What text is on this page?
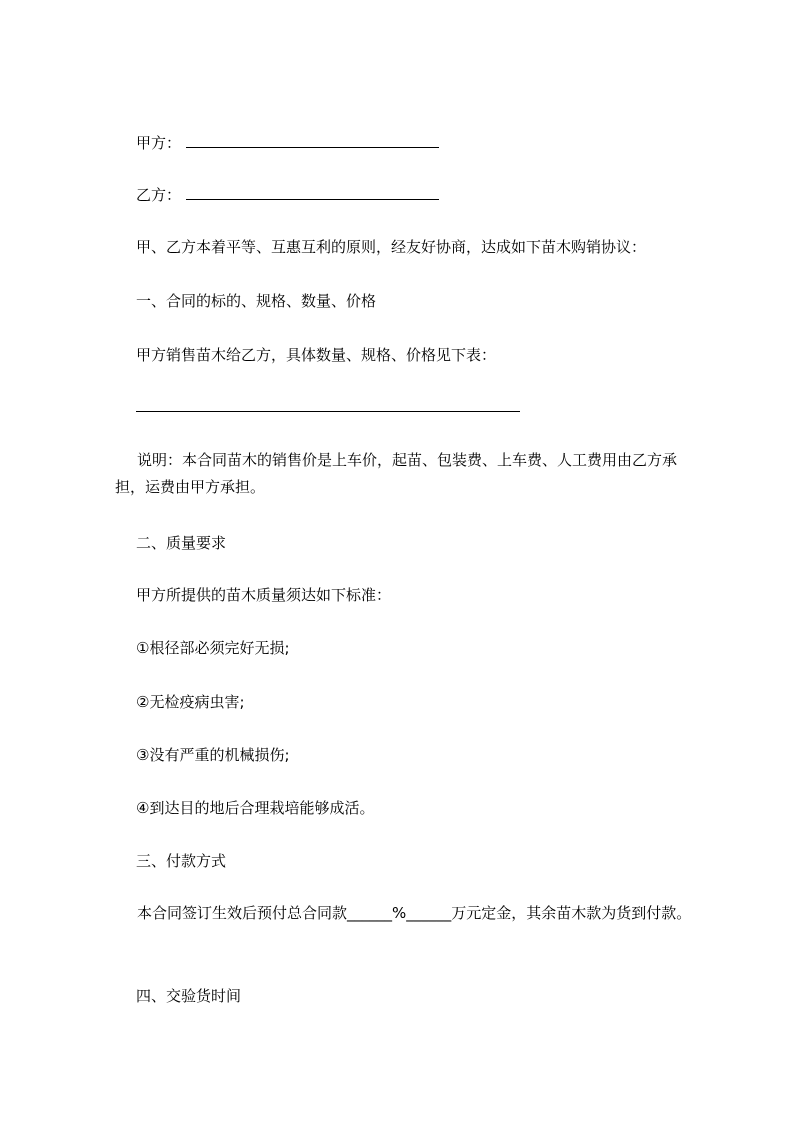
甲方：
乙方：
甲、乙方本着平等、互惠互利的原则，经友好协商，达成如下苗木购销协议：
一、合同的标的、规格、数量、价格
甲方销售苗木给乙方，具体数量、规格、价格见下表：
说明：本合同苗木的销售价是上车价，起苗、包装费、上车费、人工费用由乙方承担，运费由甲方承担。
二、质量要求
甲方所提供的苗木质量须达如下标准：
①根径部必须完好无损;
②无检疫病虫害;
③没有严重的机械损伤;
④到达目的地后合理栽培能够成活。
三、付款方式
本合同签订生效后预付总合同款______%______万元定金，其余苗木款为货到付款。
四、交验货时间
